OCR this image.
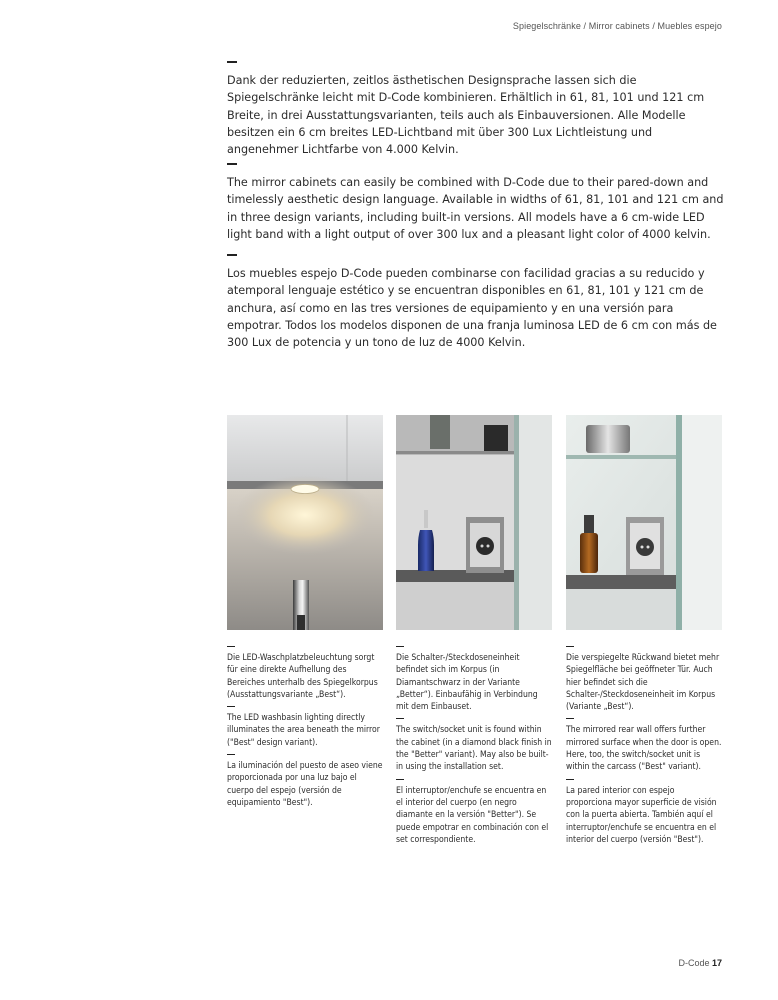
Spiegelschränke / Mirror cabinets / Muebles espejo

Dank der reduzierten, zeitlos ästhetischen Designsprache lassen sich die Spiegelschränke leicht mit D-Code kombinieren. Erhältlich in 61, 81, 101 und 121 cm Breite, in drei Ausstattungsvarianten, teils auch als Einbauversionen. Alle Modelle besitzen ein 6 cm breites LED-Lichtband mit über 300 Lux Lichtleistung und angenehmer Lichtfarbe von 4.000 Kelvin.

The mirror cabinets can easily be combined with D-Code due to their pared-down and timelessly aesthetic design language. Available in widths of 61, 81, 101 and 121 cm and in three design variants, including built-in versions. All models have a 6 cm-wide LED light band with a light output of over 300 lux and a pleasant light color of 4000 kelvin.

Los muebles espejo D-Code pueden combinarse con facilidad gracias a su reducido y atemporal lenguaje estético y se encuentran disponibles en 61, 81, 101 y 121 cm de anchura, así como en las tres versiones de equipamiento y en una versión para empotrar. Todos los modelos disponen de una franja luminosa LED de 6 cm con más de 300 Lux de potencia y un tono de luz de 4000 Kelvin.

Die LED-Waschplatzbeleuchtung sorgt für eine direkte Aufhellung des Bereiches unterhalb des Spiegelkorpus (Ausstattungsvariante „Best“).

The LED washbasin lighting directly illuminates the area beneath the mirror ("Best" design variant).

La iluminación del puesto de aseo viene proporcionada por una luz bajo el cuerpo del espejo (versión de equipamiento "Best").

Die Schalter-/Steckdoseneinheit befindet sich im Korpus (in Diamantschwarz in der Variante „Better“). Einbaufähig in Verbindung mit dem Einbauset.

The switch/socket unit is found within the cabinet (in a diamond black finish in the "Better" variant). May also be built-in using the installation set.

El interruptor/enchufe se encuentra en el interior del cuerpo (en negro diamante en la versión "Better"). Se puede empotrar en combinación con el set correspondiente.

Die verspiegelte Rückwand bietet mehr Spiegelfläche bei geöffneter Tür. Auch hier befindet sich die Schalter-/Steckdoseneinheit im Korpus (Variante „Best“).

The mirrored rear wall offers further mirrored surface when the door is open. Here, too, the switch/socket unit is within the carcass ("Best" variant).

La pared interior con espejo proporciona mayor superficie de visión con la puerta abierta. También aquí el interruptor/enchufe se encuentra en el interior del cuerpo (versión "Best").

D-Code 17
